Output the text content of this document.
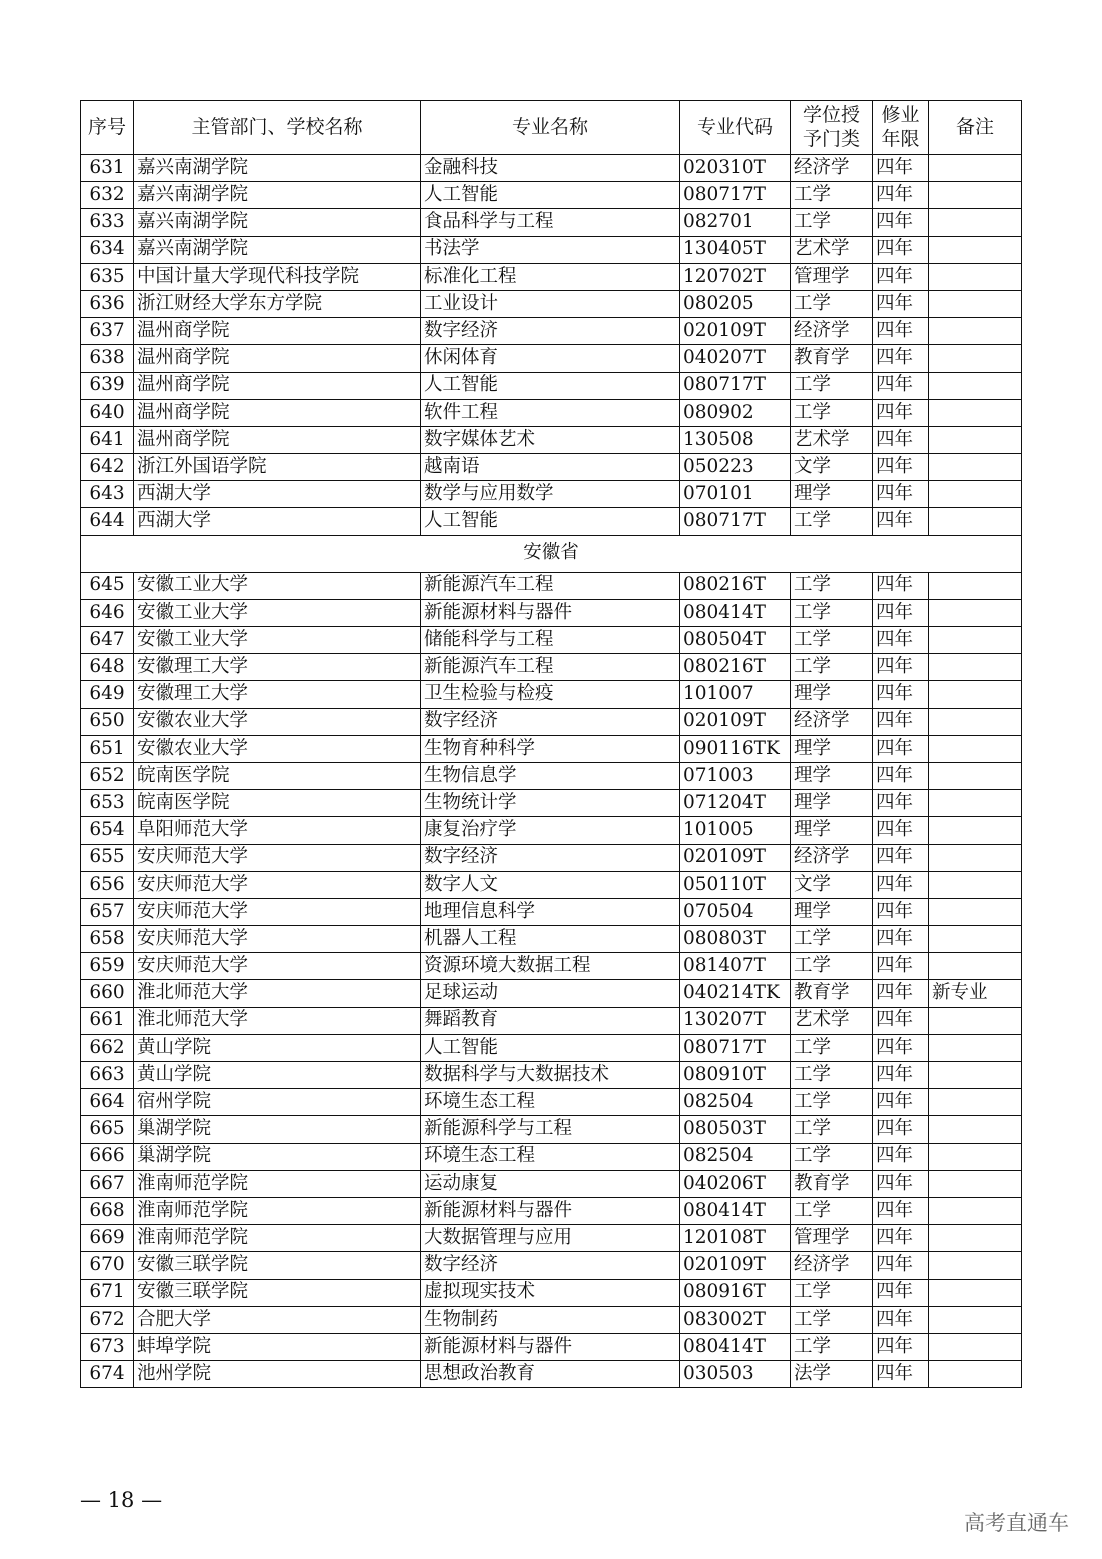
序号	主管部门、学校名称	专业名称	专业代码	学位授予门类	修业年限	备注
631	嘉兴南湖学院	金融科技	020310T	经济学	四年	
632	嘉兴南湖学院	人工智能	080717T	工学	四年	
633	嘉兴南湖学院	食品科学与工程	082701	工学	四年	
634	嘉兴南湖学院	书法学	130405T	艺术学	四年	
635	中国计量大学现代科技学院	标准化工程	120702T	管理学	四年	
636	浙江财经大学东方学院	工业设计	080205	工学	四年	
637	温州商学院	数字经济	020109T	经济学	四年	
638	温州商学院	休闲体育	040207T	教育学	四年	
639	温州商学院	人工智能	080717T	工学	四年	
640	温州商学院	软件工程	080902	工学	四年	
641	温州商学院	数字媒体艺术	130508	艺术学	四年	
642	浙江外国语学院	越南语	050223	文学	四年	
643	西湖大学	数学与应用数学	070101	理学	四年	
644	西湖大学	人工智能	080717T	工学	四年	
安徽省						
645	安徽工业大学	新能源汽车工程	080216T	工学	四年	
646	安徽工业大学	新能源材料与器件	080414T	工学	四年	
647	安徽工业大学	储能科学与工程	080504T	工学	四年	
648	安徽理工大学	新能源汽车工程	080216T	工学	四年	
649	安徽理工大学	卫生检验与检疫	101007	理学	四年	
650	安徽农业大学	数字经济	020109T	经济学	四年	
651	安徽农业大学	生物育种科学	090116TK	理学	四年	
652	皖南医学院	生物信息学	071003	理学	四年	
653	皖南医学院	生物统计学	071204T	理学	四年	
654	阜阳师范大学	康复治疗学	101005	理学	四年	
655	安庆师范大学	数字经济	020109T	经济学	四年	
656	安庆师范大学	数字人文	050110T	文学	四年	
657	安庆师范大学	地理信息科学	070504	理学	四年	
658	安庆师范大学	机器人工程	080803T	工学	四年	
659	安庆师范大学	资源环境大数据工程	081407T	工学	四年	
660	淮北师范大学	足球运动	040214TK	教育学	四年	新专业
661	淮北师范大学	舞蹈教育	130207T	艺术学	四年	
662	黄山学院	人工智能	080717T	工学	四年	
663	黄山学院	数据科学与大数据技术	080910T	工学	四年	
664	宿州学院	环境生态工程	082504	工学	四年	
665	巢湖学院	新能源科学与工程	080503T	工学	四年	
666	巢湖学院	环境生态工程	082504	工学	四年	
667	淮南师范学院	运动康复	040206T	教育学	四年	
668	淮南师范学院	新能源材料与器件	080414T	工学	四年	
669	淮南师范学院	大数据管理与应用	120108T	管理学	四年	
670	安徽三联学院	数字经济	020109T	经济学	四年	
671	安徽三联学院	虚拟现实技术	080916T	工学	四年	
672	合肥大学	生物制药	083002T	工学	四年	
673	蚌埠学院	新能源材料与器件	080414T	工学	四年	
674	池州学院	思想政治教育	030503	法学	四年	
— 18 —
高考直通车
